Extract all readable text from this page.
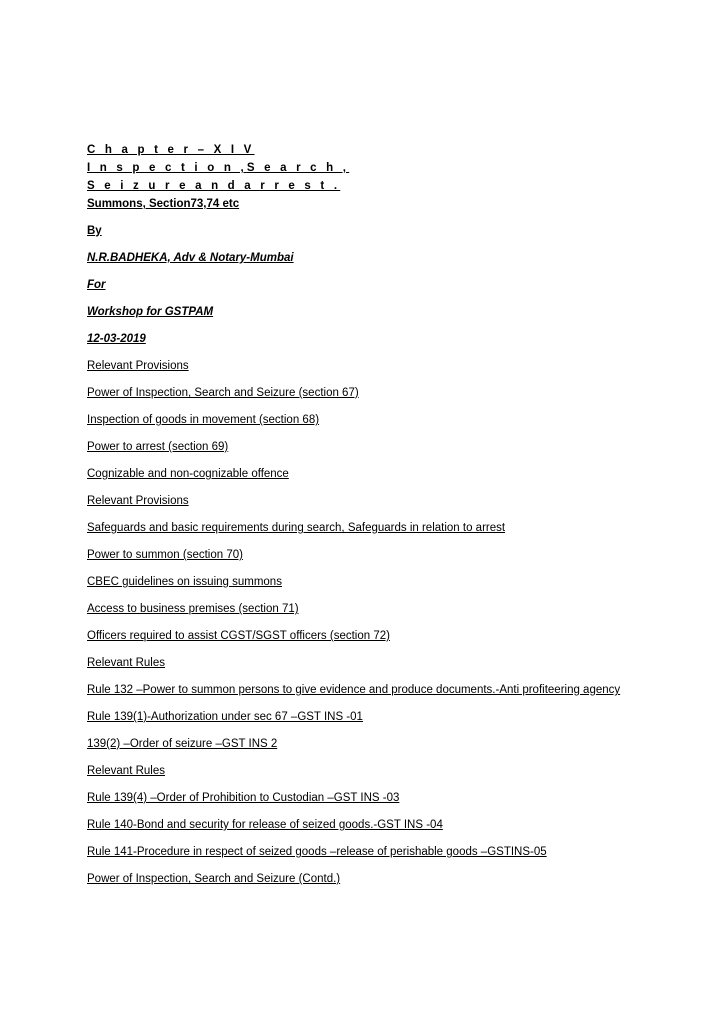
C h a p t e r – X I V

I n s p e c t i o n , S e a r c h ,

S e i z u r e a n d a r r e s t .

Summons, Section73,74 etc

By

N.R.BADHEKA, Adv & Notary-Mumbai

For

Workshop for GSTPAM

12-03-2019

Relevant Provisions

Power of Inspection, Search and Seizure (section 67)

Inspection of goods in movement (section 68)

Power to arrest (section 69)

Cognizable and non-cognizable offence

Relevant Provisions

Safeguards and basic requirements during search, Safeguards in relation to arrest

Power to summon (section 70)

CBEC guidelines on issuing summons

Access to business premises (section 71)

Officers required to assist CGST/SGST officers (section 72)

Relevant Rules

Rule 132 –Power to summon persons to give evidence and produce documents.-Anti profiteering agency

Rule 139(1)-Authorization under sec 67 –GST INS -01

139(2) –Order of seizure –GST INS 2

Relevant Rules

Rule 139(4) –Order of Prohibition to Custodian –GST INS -03

Rule 140-Bond and security for release of seized goods.-GST INS -04

Rule 141-Procedure in respect of seized goods –release of perishable goods –GSTINS-05

Power of Inspection, Search and Seizure (Contd.)
